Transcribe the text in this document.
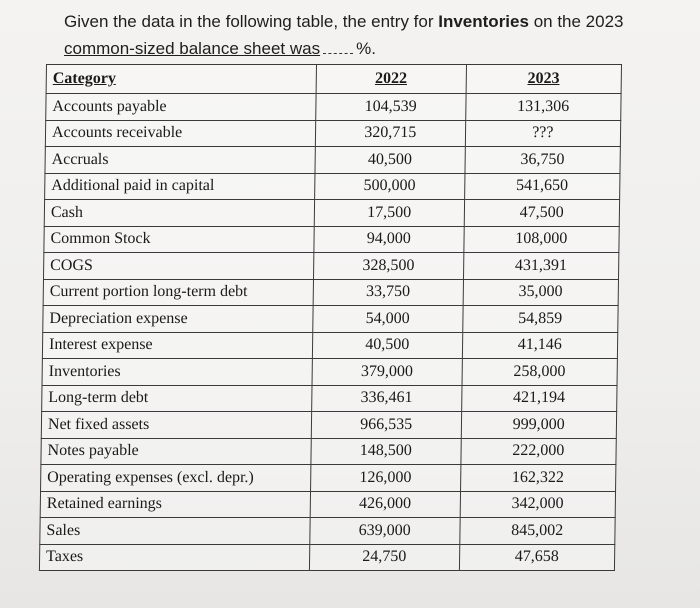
Given the data in the following table, the entry for Inventories on the 2023
common-sized balance sheet was %.
Category	2022	2023
Accounts payable	104,539	131,306
Accounts receivable	320,715	???
Accruals	40,500	36,750
Additional paid in capital	500,000	541,650
Cash	17,500	47,500
Common Stock	94,000	108,000
COGS	328,500	431,391
Current portion long-term debt	33,750	35,000
Depreciation expense	54,000	54,859
Interest expense	40,500	41,146
Inventories	379,000	258,000
Long-term debt	336,461	421,194
Net fixed assets	966,535	999,000
Notes payable	148,500	222,000
Operating expenses (excl. depr.)	126,000	162,322
Retained earnings	426,000	342,000
Sales	639,000	845,002
Taxes	24,750	47,658
